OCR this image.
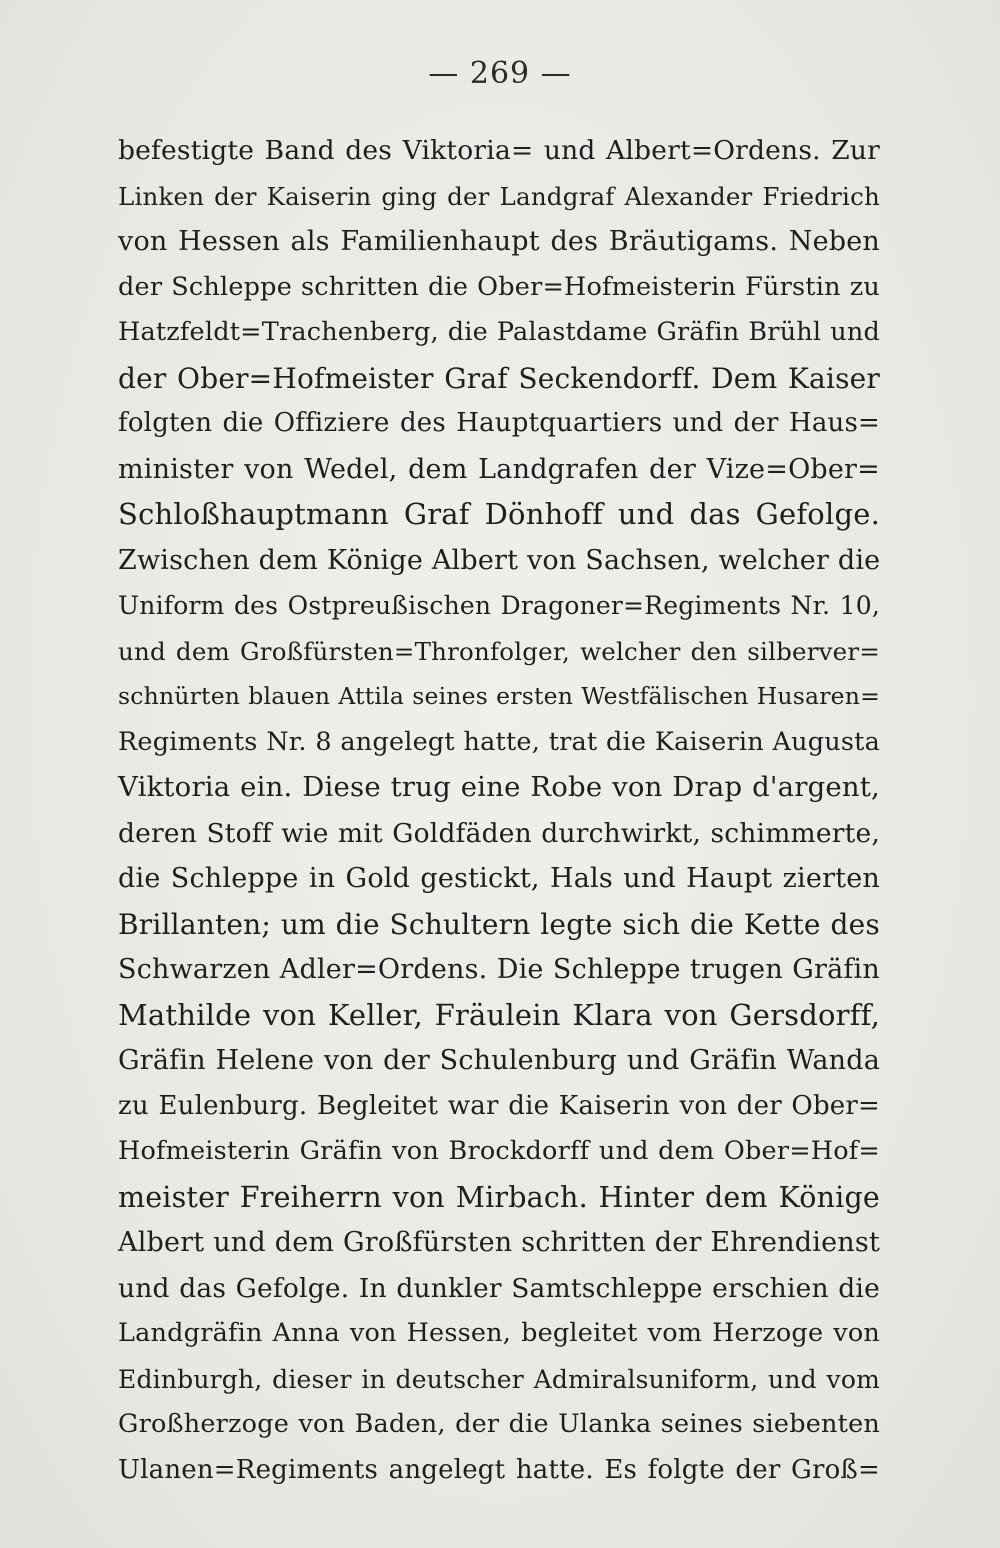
— 269 —
befestigte Band des Viktoria= und Albert=Ordens. Zur
Linken der Kaiserin ging der Landgraf Alexander Friedrich
von Hessen als Familienhaupt des Bräutigams. Neben
der Schleppe schritten die Ober=Hofmeisterin Fürstin zu
Hatzfeldt=Trachenberg, die Palastdame Gräfin Brühl und
der Ober=Hofmeister Graf Seckendorff. Dem Kaiser
folgten die Offiziere des Hauptquartiers und der Haus=
minister von Wedel, dem Landgrafen der Vize=Ober=
Schloßhauptmann Graf Dönhoff und das Gefolge.
Zwischen dem Könige Albert von Sachsen, welcher die
Uniform des Ostpreußischen Dragoner=Regiments Nr. 10,
und dem Großfürsten=Thronfolger, welcher den silberver=
schnürten blauen Attila seines ersten Westfälischen Husaren=
Regiments Nr. 8 angelegt hatte, trat die Kaiserin Augusta
Viktoria ein. Diese trug eine Robe von Drap d'argent,
deren Stoff wie mit Goldfäden durchwirkt, schimmerte,
die Schleppe in Gold gestickt, Hals und Haupt zierten
Brillanten; um die Schultern legte sich die Kette des
Schwarzen Adler=Ordens. Die Schleppe trugen Gräfin
Mathilde von Keller, Fräulein Klara von Gersdorff,
Gräfin Helene von der Schulenburg und Gräfin Wanda
zu Eulenburg. Begleitet war die Kaiserin von der Ober=
Hofmeisterin Gräfin von Brockdorff und dem Ober=Hof=
meister Freiherrn von Mirbach. Hinter dem Könige
Albert und dem Großfürsten schritten der Ehrendienst
und das Gefolge. In dunkler Samtschleppe erschien die
Landgräfin Anna von Hessen, begleitet vom Herzoge von
Edinburgh, dieser in deutscher Admiralsuniform, und vom
Großherzoge von Baden, der die Ulanka seines siebenten
Ulanen=Regiments angelegt hatte. Es folgte der Groß=
